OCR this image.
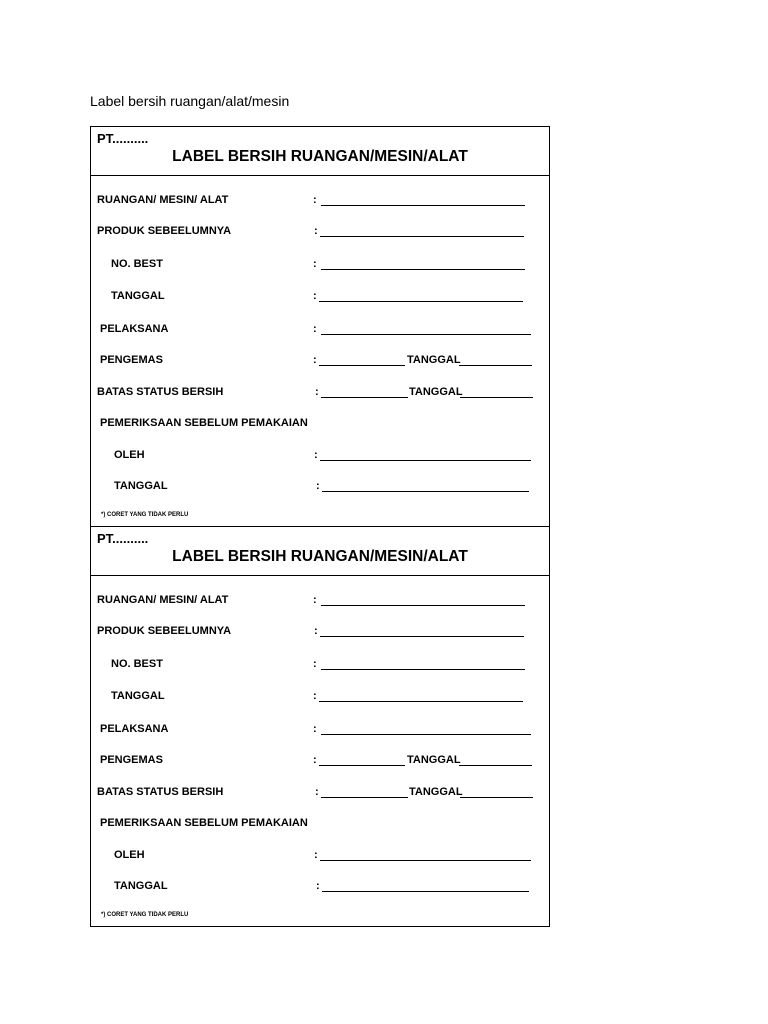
Label bersih ruangan/alat/mesin
PT..........
LABEL BERSIH RUANGAN/MESIN/ALAT
RUANGAN/ MESIN/ ALAT	:
PRODUK SEBEELUMNYA	:
NO. BEST	:
TANGGAL	:
PELAKSANA	:
PENGEMAS	:	TANGGAL
BATAS STATUS BERSIH	:	TANGGAL
PEMERIKSAAN SEBELUM PEMAKAIAN
OLEH	:
TANGGAL	:
*) CORET YANG TIDAK PERLU
PT..........
LABEL BERSIH RUANGAN/MESIN/ALAT
RUANGAN/ MESIN/ ALAT	:
PRODUK SEBEELUMNYA	:
NO. BEST	:
TANGGAL	:
PELAKSANA	:
PENGEMAS	:	TANGGAL
BATAS STATUS BERSIH	:	TANGGAL
PEMERIKSAAN SEBELUM PEMAKAIAN
OLEH	:
TANGGAL	:
*) CORET YANG TIDAK PERLU
